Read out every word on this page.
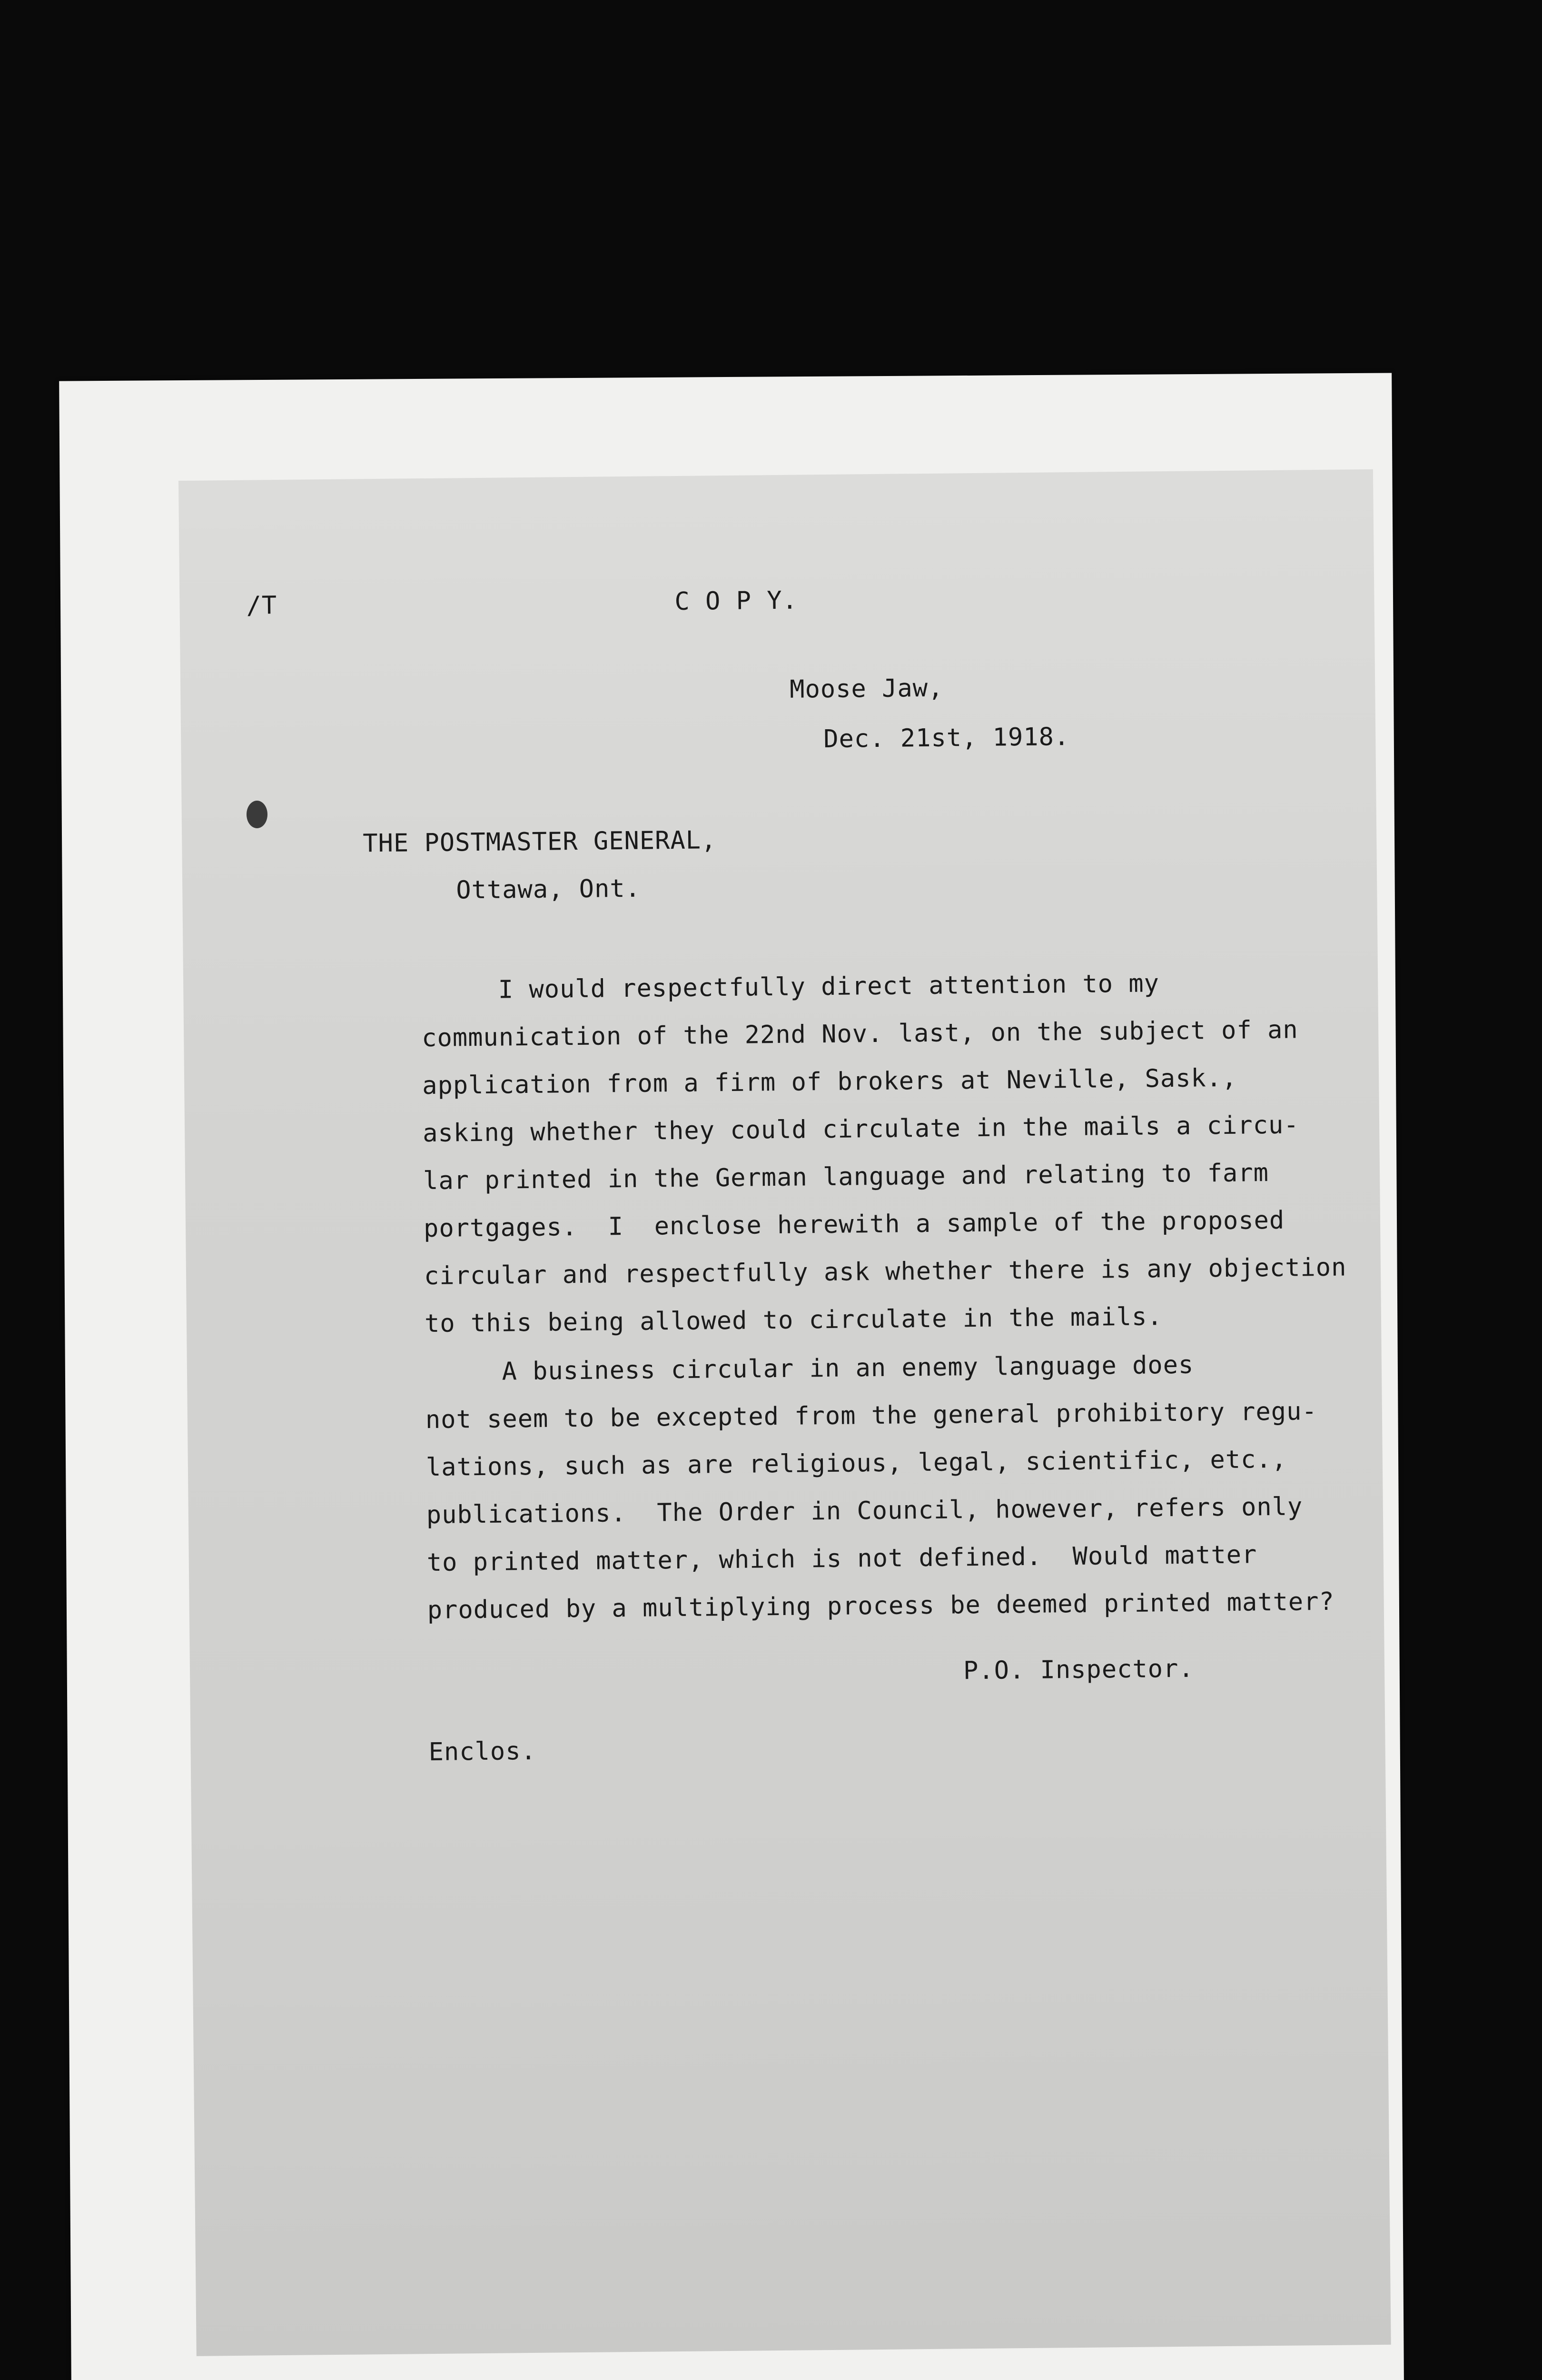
/T	C O P Y.
Moose Jaw,
Dec. 21st, 1918.
THE POSTMASTER GENERAL,
Ottawa, Ont.
I would respectfully direct attention to my
communication of the 22nd Nov. last, on the subject of an
application from a firm of brokers at Neville, Sask.,
asking whether they could circulate in the mails a circu-
lar printed in the German language and relating to farm
portgages.  I  enclose herewith a sample of the proposed
circular and respectfully ask whether there is any objection
to this being allowed to circulate in the mails.
A business circular in an enemy language does
not seem to be excepted from the general prohibitory regu-
lations, such as are religious, legal, scientific, etc.,
publications.  The Order in Council, however, refers only
to printed matter, which is not defined.  Would matter
produced by a multiplying process be deemed printed matter?
P.O. Inspector.
Enclos.
